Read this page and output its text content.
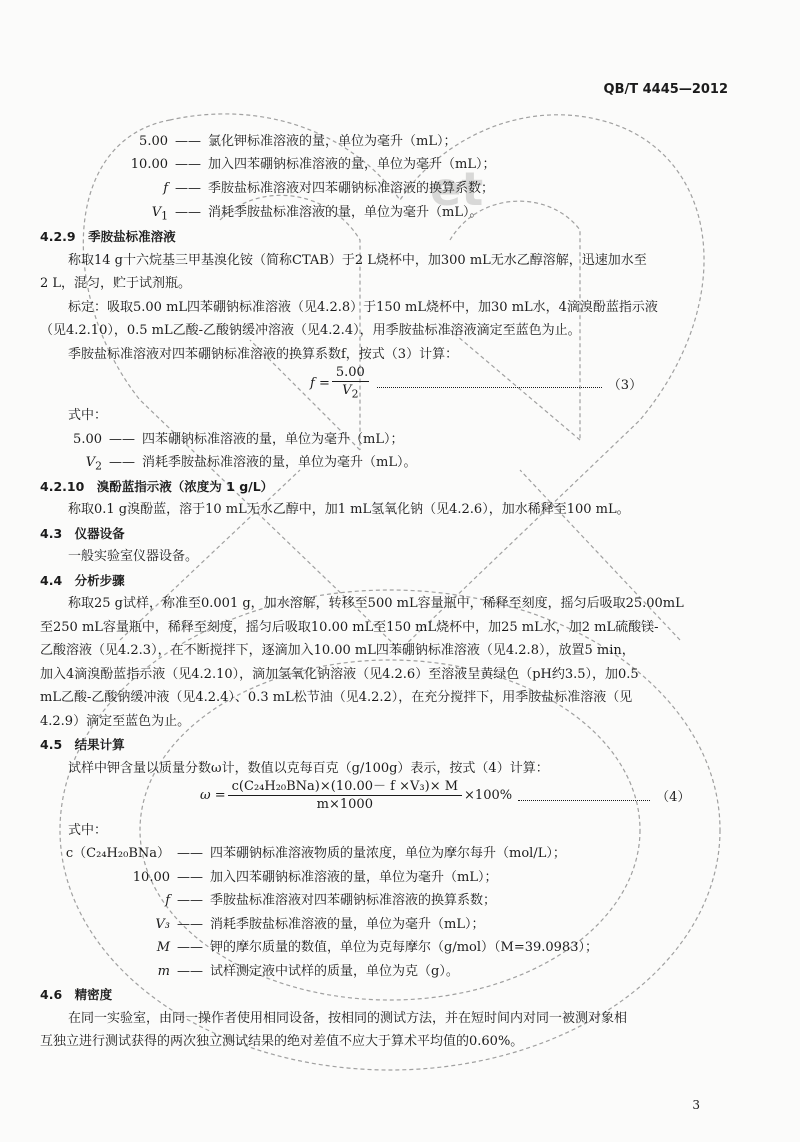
et
QB/T 4445—2012
5.00 —— 氯化钾标准溶液的量，单位为毫升（mL）；
10.00 —— 加入四苯硼钠标准溶液的量，单位为毫升（mL）；
f —— 季胺盐标准溶液对四苯硼钠标准溶液的换算系数；
$V_1$ —— 消耗季胺盐标准溶液的量，单位为毫升（mL）。
4.2.9　季胺盐标准溶液
称取14 g十六烷基三甲基溴化铵（简称CTAB）于2 L烧杯中，加300 mL无水乙醇溶解，迅速加水至
2 L，混匀，贮于试剂瓶。
标定：吸取5.00 mL四苯硼钠标准溶液（见4.2.8）于150 mL烧杯中，加30 mL水，4滴溴酚蓝指示液
（见4.2.10），0.5 mL乙酸-乙酸钠缓冲溶液（见4.2.4），用季胺盐标准溶液滴定至蓝色为止。
季胺盐标准溶液对四苯硼钠标准溶液的换算系数f，按式（3）计算：
$f = \frac{5.00}{V_2}$	（3）
式中：
5.00 —— 四苯硼钠标准溶液的量，单位为毫升（mL）；
$V_2$ —— 消耗季胺盐标准溶液的量，单位为毫升（mL）。
4.2.10　溴酚蓝指示液（浓度为 1 g/L）
称取0.1 g溴酚蓝，溶于10 mL无水乙醇中，加1 mL氢氧化钠（见4.2.6），加水稀释至100 mL。
4.3　仪器设备
一般实验室仪器设备。
4.4　分析步骤
称取25 g试样，称准至0.001 g，加水溶解，转移至500 mL容量瓶中，稀释至刻度，摇匀后吸取25.00mL
至250 mL容量瓶中，稀释至刻度，摇匀后吸取10.00 mL至150 mL烧杯中，加25 mL水，加2 mL硫酸镁-
乙酸溶液（见4.2.3），在不断搅拌下，逐滴加入10.00 mL四苯硼钠标准溶液（见4.2.8），放置5 min，
加入4滴溴酚蓝指示液（见4.2.10），滴加氢氧化钠溶液（见4.2.6）至溶液呈黄绿色（pH约3.5），加0.5
mL乙酸-乙酸钠缓冲液（见4.2.4）、0.3 mL松节油（见4.2.2），在充分搅拌下，用季胺盐标准溶液（见
4.2.9）滴定至蓝色为止。
4.5　结果计算
试样中钾含量以质量分数ω计，数值以克每百克（g/100g）表示，按式（4）计算：
$\omega = \frac{\text{c(C₂₄H₂₀BNa)×(10.00－ f ×V₃)× M}}{m\times 1000} \times 100\%$	（4）
式中：
c（C₂₄H₂₀BNa） —— 四苯硼钠标准溶液物质的量浓度，单位为摩尔每升（mol/L）；
10.00 —— 加入四苯硼钠标准溶液的量，单位为毫升（mL）；
f —— 季胺盐标准溶液对四苯硼钠标准溶液的换算系数；
V₃ —— 消耗季胺盐标准溶液的量，单位为毫升（mL）；
M —— 钾的摩尔质量的数值，单位为克每摩尔（g/mol）（M=39.0983）；
m —— 试样测定液中试样的质量，单位为克（g）。
4.6　精密度
在同一实验室，由同一操作者使用相同设备，按相同的测试方法，并在短时间内对同一被测对象相
互独立进行测试获得的两次独立测试结果的绝对差值不应大于算术平均值的0.60%。
3
